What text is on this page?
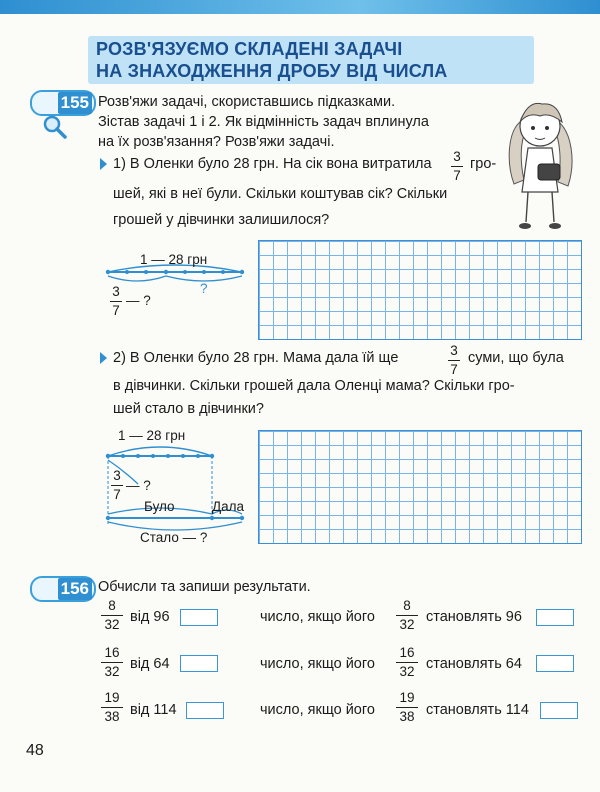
РОЗВ'ЯЗУЄМО СКЛАДЕНІ ЗАДАЧІ
НА ЗНАХОДЖЕННЯ ДРОБУ ВІД ЧИСЛА
155 Розв'яжи задачі, скориставшись підказками.
Зістав задачі 1 і 2. Як відмінність задач вплинула
на їх розв'язання? Розв'яжи задачі.
1) В Оленки було 28 грн. На сік вона витратила 3
7
гро-
шей, які в неї були. Скільки коштував сік? Скільки
грошей у дівчинки залишилося?
1 — 28 грн
3
7
— ?
?
2) В Оленки було 28 грн. Мама дала їй ще	3
7
суми, що була
в дівчинки. Скільки грошей дала Оленці мама? Скільки гро-
шей стало в дівчинки?
1 — 28 грн
3
7
— ?
Було	Дала
Стало — ?
156 Обчисли та запиши результати.
8
32 від 96
16
32 від 64
19
38 від 114
число, якщо його
8
32 становлять 96
число, якщо його
16
32 становлять 64
число, якщо його
19
38 становлять 114
48
